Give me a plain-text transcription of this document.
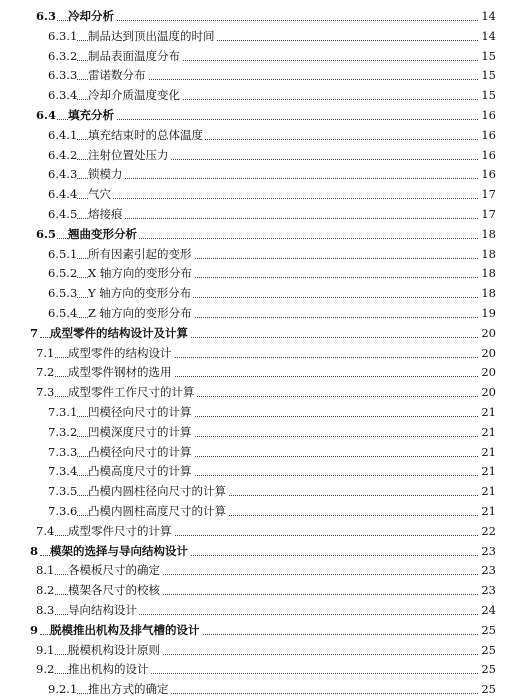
6.3 冷却分析	14
6.3.1 制品达到顶出温度的时间	14
6.3.2 制品表面温度分布	15
6.3.3 雷诺数分布	15
6.3.4 冷却介质温度变化	15
6.4 填充分析	16
6.4.1 填充结束时的总体温度	16
6.4.2 注射位置处压力	16
6.4.3 锁模力	16
6.4.4 气穴	17
6.4.5 熔接痕	17
6.5 翘曲变形分析	18
6.5.1 所有因素引起的变形	18
6.5.2 X 轴方向的变形分布	18
6.5.3 Y 轴方向的变形分布	18
6.5.4 Z 轴方向的变形分布	19
7 成型零件的结构设计及计算	20
7.1 成型零件的结构设计	20
7.2 成型零件钢材的选用	20
7.3 成型零件工作尺寸的计算	20
7.3.1 凹模径向尺寸的计算	21
7.3.2 凹模深度尺寸的计算	21
7.3.3 凸模径向尺寸的计算	21
7.3.4 凸模高度尺寸的计算	21
7.3.5 凸模内圆柱径向尺寸的计算	21
7.3.6 凸模内圆柱高度尺寸的计算	21
7.4 成型零件尺寸的计算	22
8 模架的选择与导向结构设计	23
8.1 各模板尺寸的确定	23
8.2 模架各尺寸的校核	23
8.3 导向结构设计	24
9 脱模推出机构及排气槽的设计	25
9.1 脱模机构设计原则	25
9.2 推出机构的设计	25
9.2.1 推出方式的确定	25
